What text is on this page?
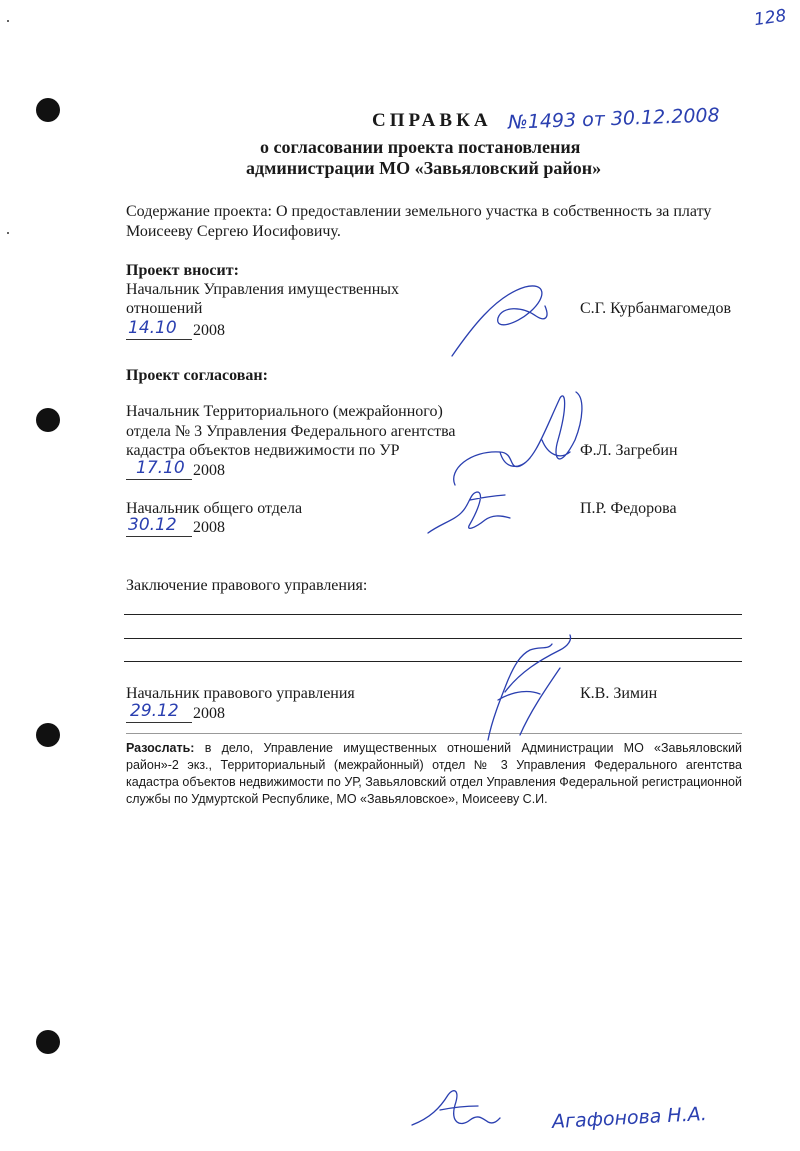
128
СПРАВКА №1493 от 30.12.2008
о согласовании проекта постановления
администрации МО «Завьяловский район»
Содержание проекта: О предоставлении земельного участка в собственность за плату
Моисееву Сергею Иосифовичу.
Проект вносит:
Начальник Управления имущественных
отношений
14.10 2008
С.Г. Курбанмагомедов
Проект согласован:
Начальник Территориального (межрайонного)
отдела № 3 Управления Федерального агентства
кадастра объектов недвижимости по УР
17.10 2008
Ф.Л. Загребин
Начальник общего отдела
30.12 2008
П.Р. Федорова
Заключение правового управления:
Начальник правового управления
29.12 2008
К.В. Зимин
Разослать: в дело, Управление имущественных отношений Администрации МО «Завьяловский район»-2 экз., Территориальный (межрайонный) отдел № 3 Управления Федерального агентства кадастра объектов недвижимости по УР, Завьяловский отдел Управления Федеральной регистрационной службы по Удмуртской Республике, МО «Завьяловское», Моисееву С.И.
Агафонова Н.А.
